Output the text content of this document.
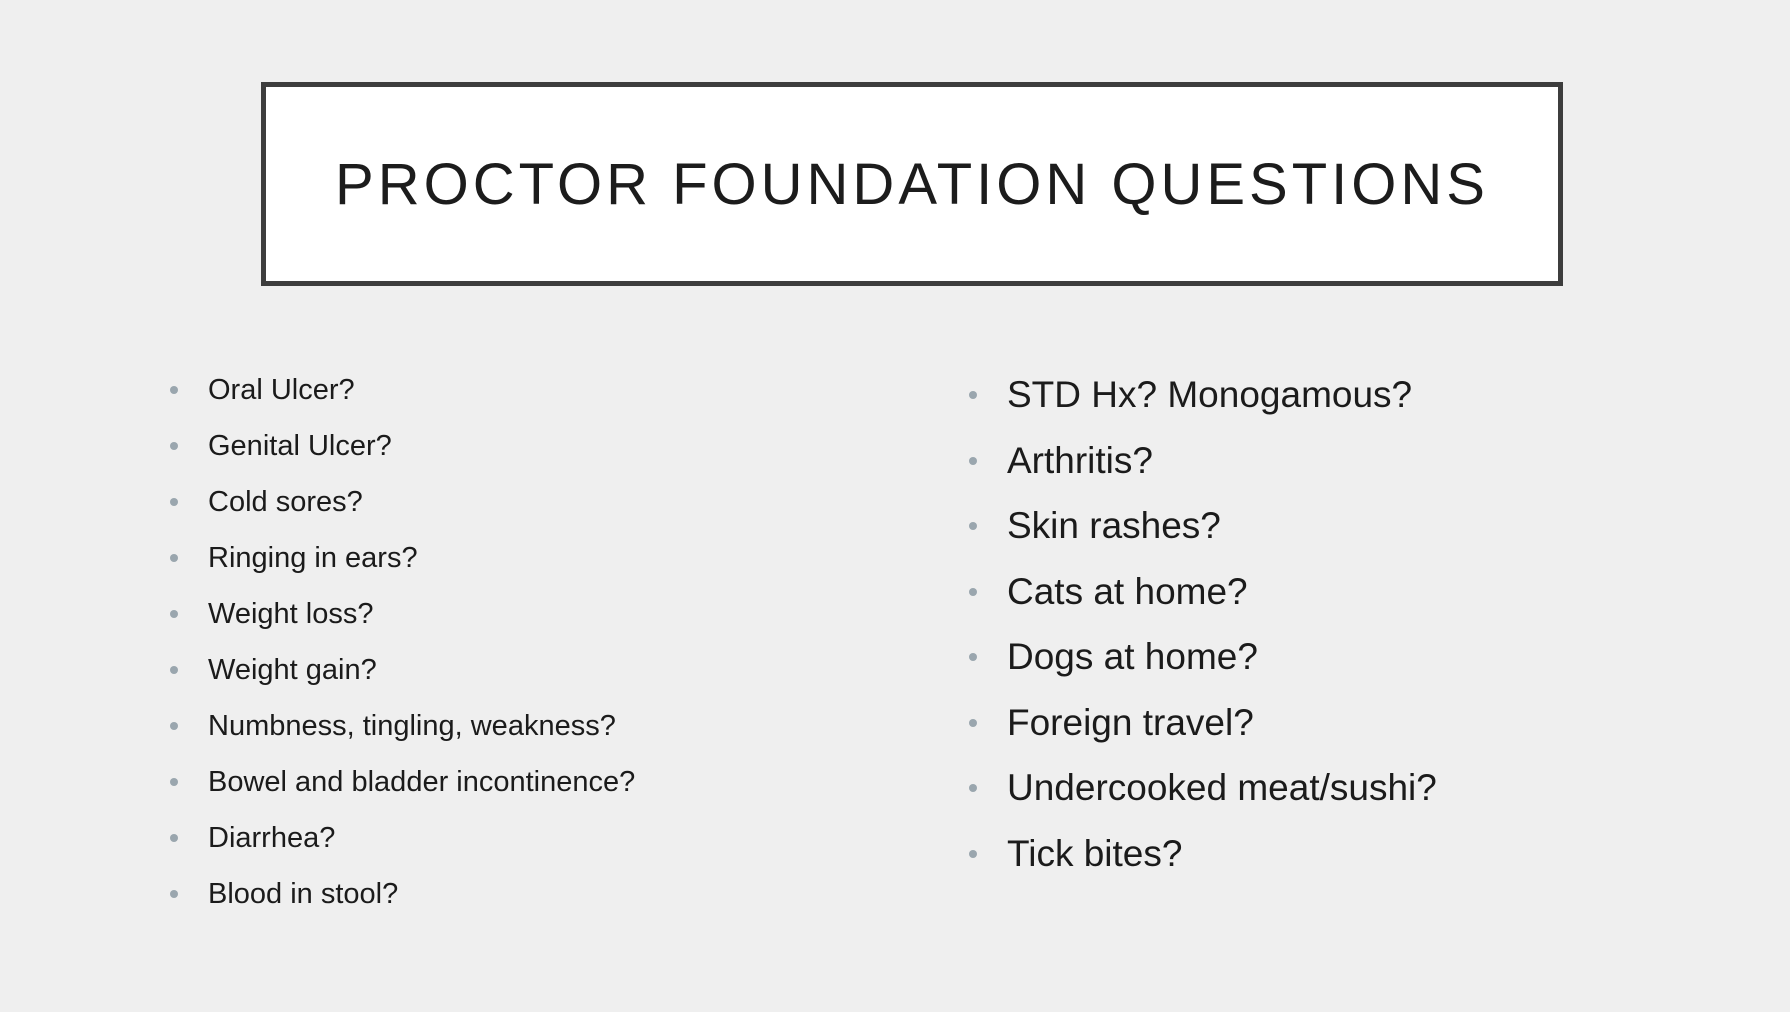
PROCTOR FOUNDATION QUESTIONS
Oral Ulcer?
Genital Ulcer?
Cold sores?
Ringing in ears?
Weight loss?
Weight gain?
Numbness, tingling, weakness?
Bowel and bladder incontinence?
Diarrhea?
Blood in stool?
STD Hx? Monogamous?
Arthritis?
Skin rashes?
Cats at home?
Dogs at home?
Foreign travel?
Undercooked meat/sushi?
Tick bites?
